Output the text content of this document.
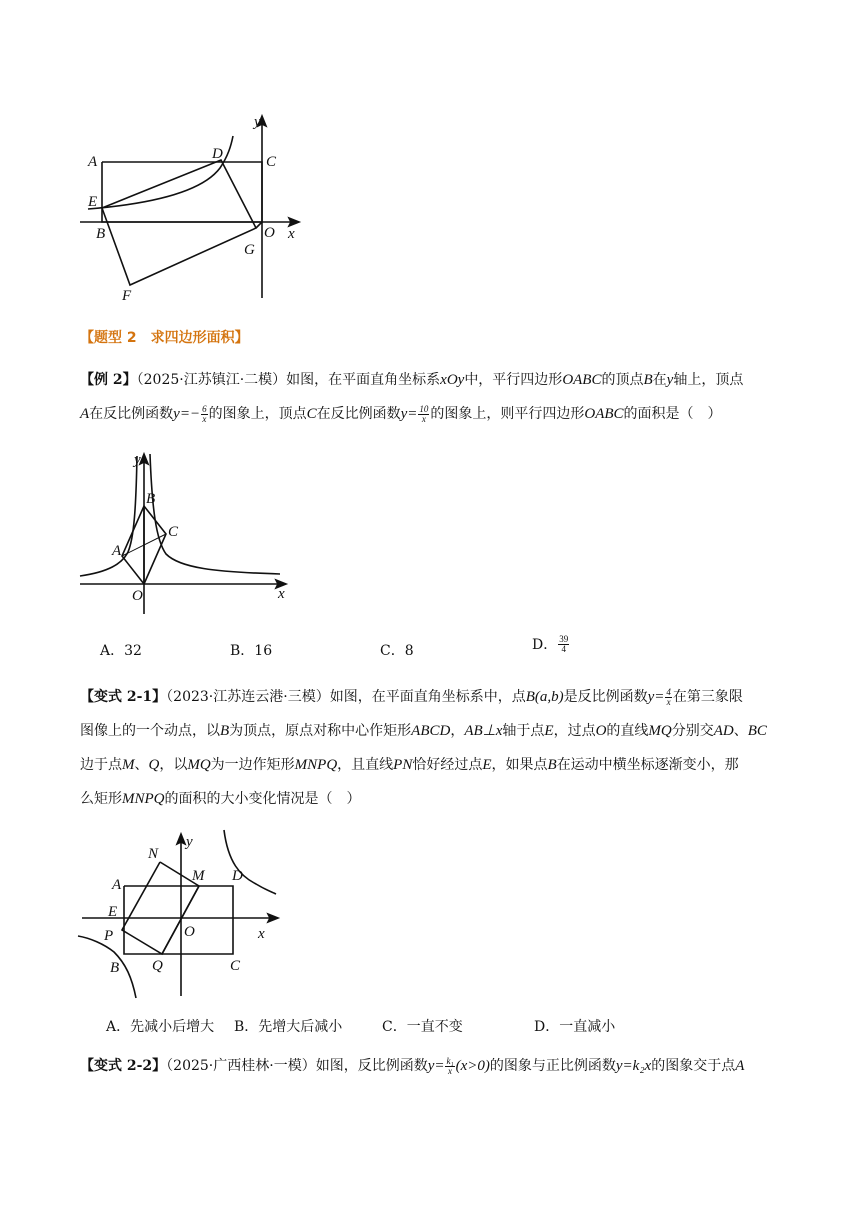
y
A	D	C
E
B	O x
G
F
【题型 2　求四边形面积】
【例 2】（2025·江苏镇江·二模）如图，在平面直角坐标系xOy中，平行四边形OABC的顶点B在y轴上，顶点
A在反比例函数$y=- \frac{6}{x}$ 的图象上，顶点C在反比例函数$y= \frac{10}{x}$ 的图象上，则平行四边形OABC的面积是（　）
y
B
C
A
O	x
A．32	B．16	C．8	D． $\frac{39}{4}$
【变式 2-1】（2023·江苏连云港·三模）如图，在平面直角坐标系中，点B(a,b)是反比例函数$y= \frac{4}{x}$ 在第三象限
图像上的一个动点，以B为顶点，原点对称中心作矩形ABCD，AB⊥x轴于点E，过点O的直线MQ分别交AD、BC
边于点M、Q，以MQ为一边作矩形MNPQ，且直线PN恰好经过点E，如果点B在运动中横坐标逐渐变小，那
么矩形MNPQ的面积的大小变化情况是（　）
N
y
A
M D
E
P	O	x
B Q	C
A．先减小后增大 B．先增大后减小	C．一直不变	D．一直减小
【变式 2-2】（2025·广西桂林·一模）如图，反比例函数$y= \frac{\text{k₁}}{x} (x>0)$的图象与正比例函数y=k₂x的图象交于点A
